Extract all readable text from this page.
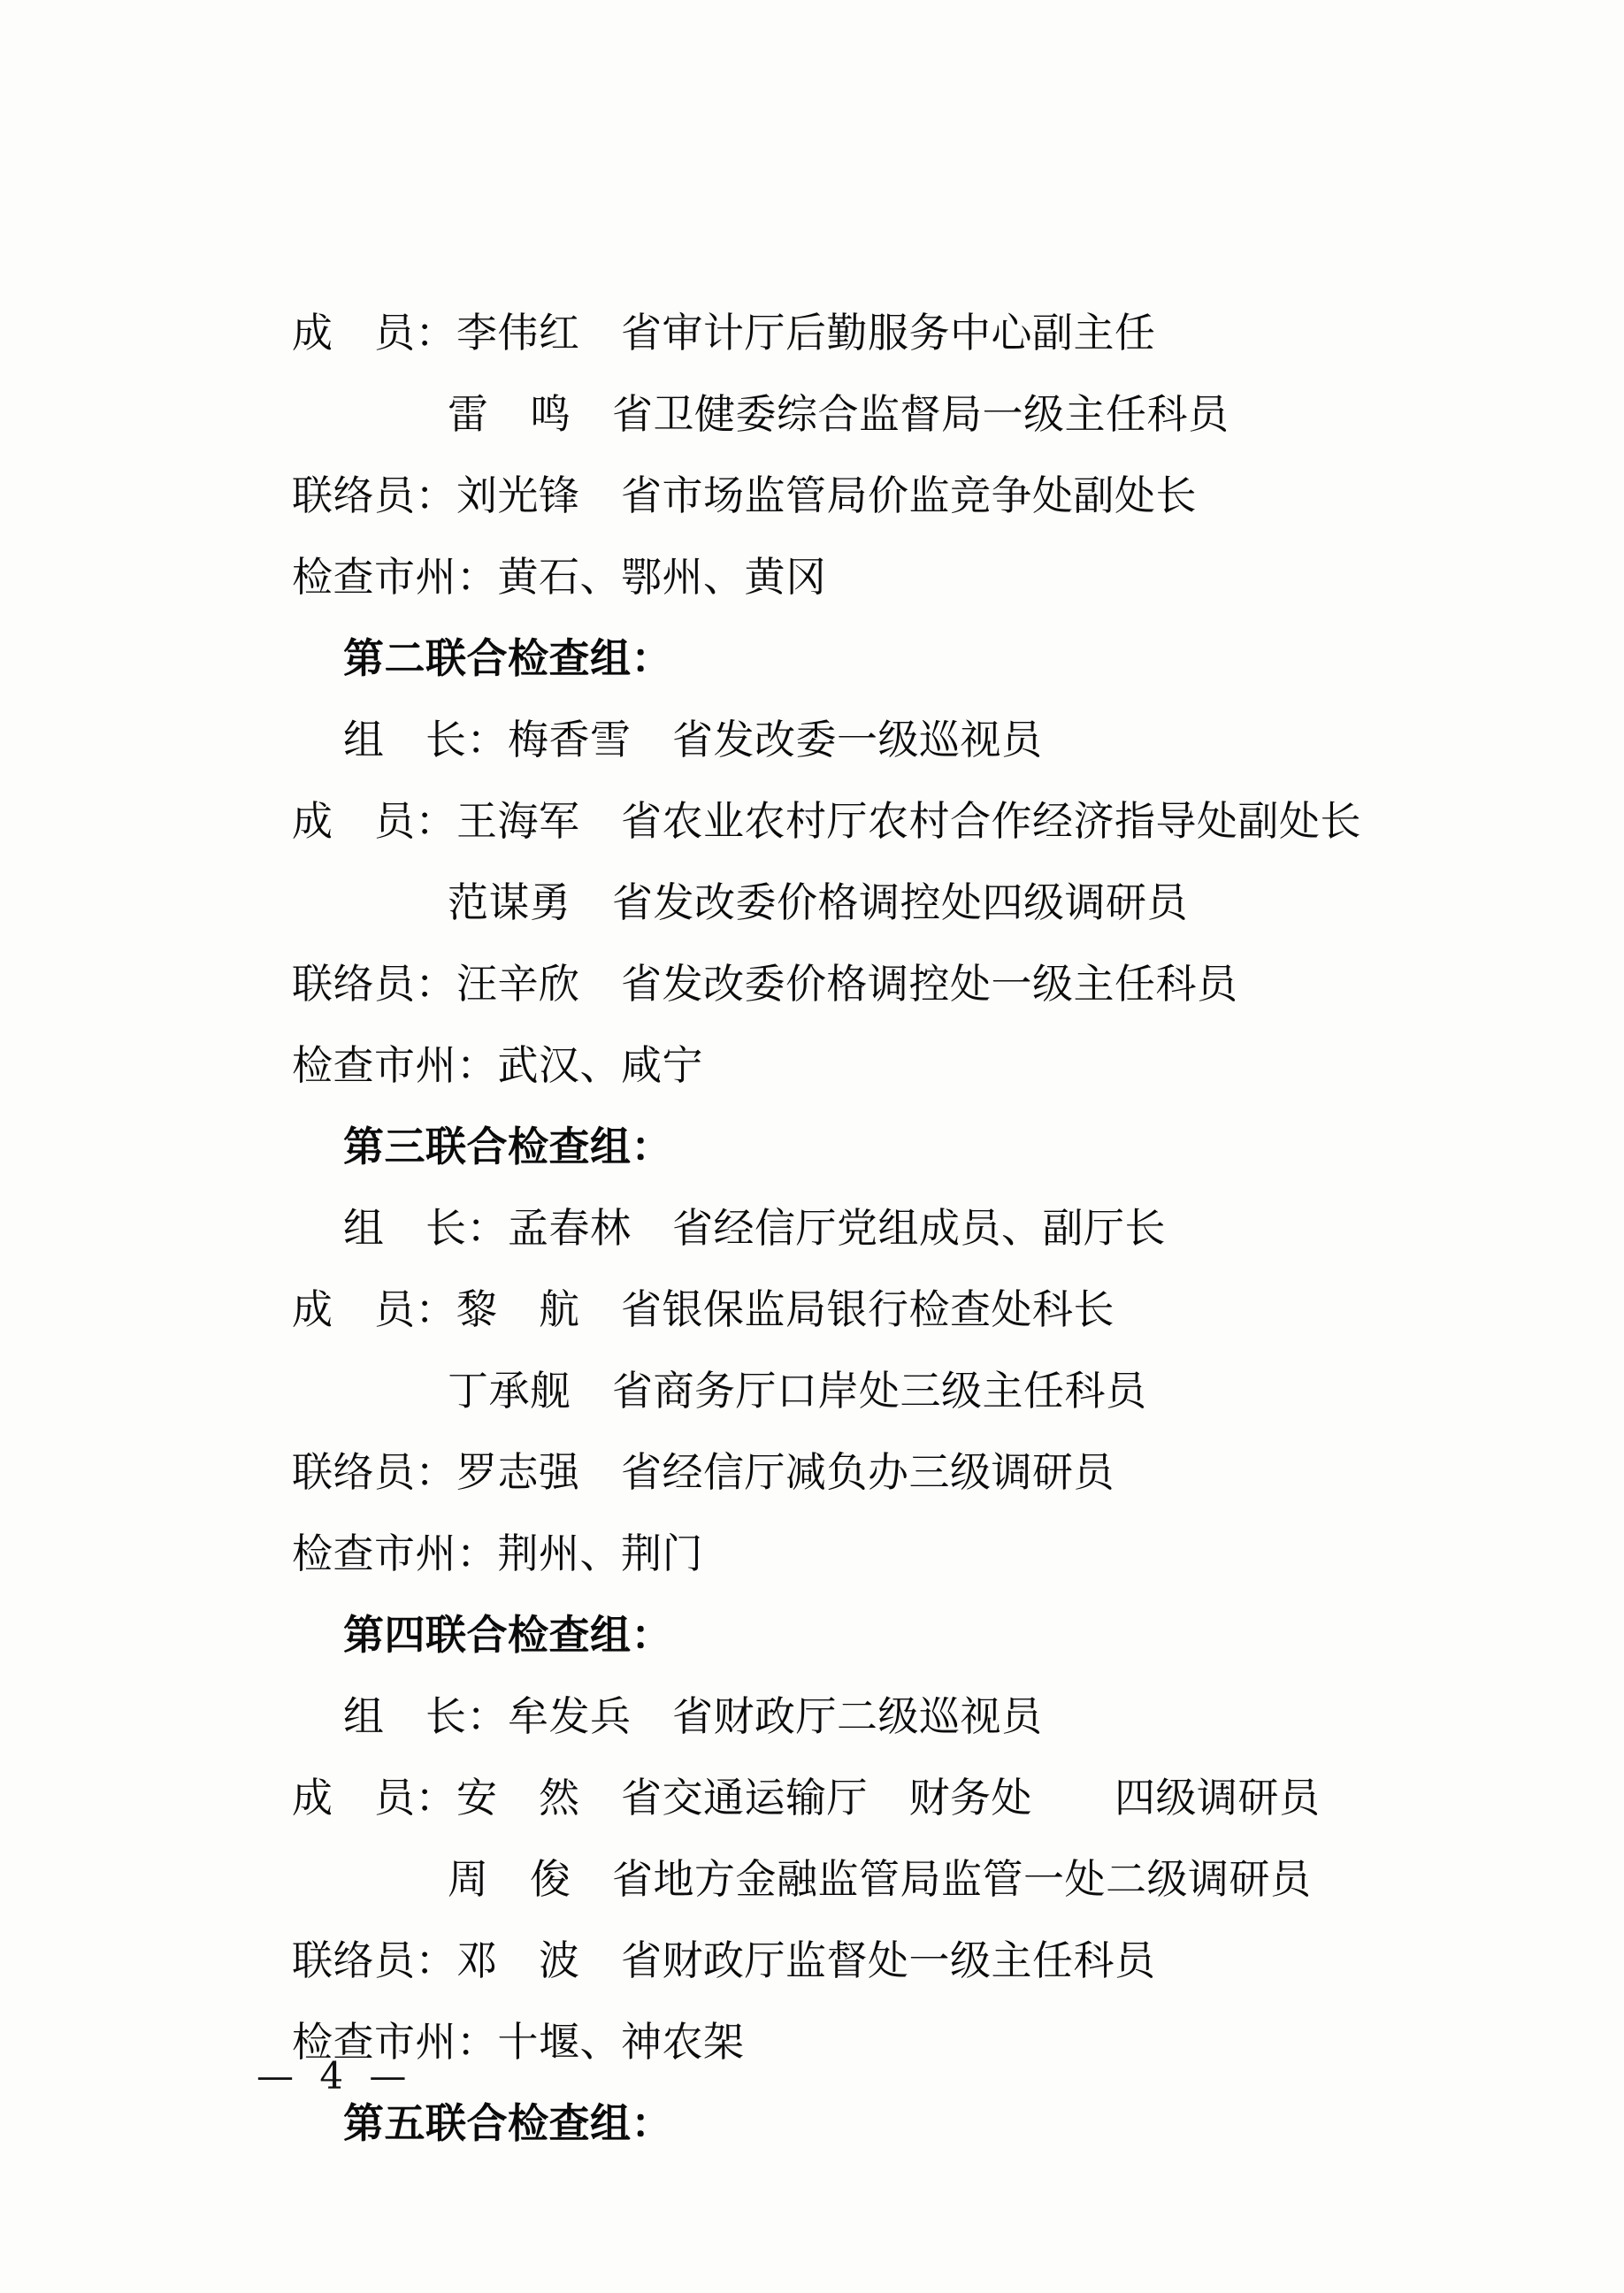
成　员：李伟红　省审计厅后勤服务中心副主任
雷　鸣　省卫健委综合监督局一级主任科员
联络员：刘光锋　省市场监管局价监竞争处副处长
检查市州：黄石、鄂州、黄冈
第二联合检查组：
组　长：梅香雪　省发改委一级巡视员
成　员：王海军　省农业农村厅农村合作经济指导处副处长
范谋勇　省发改委价格调控处四级调研员
联络员：汪辛欣　省发改委价格调控处一级主任科员
检查市州：武汉、咸宁
第三联合检查组：
组　长：孟春林　省经信厅党组成员、副厅长
成　员：黎　航　省银保监局银行检查处科长
丁承舰　省商务厅口岸处三级主任科员
联络员：罗志强　省经信厅减负办三级调研员
检查市州：荆州、荆门
第四联合检查组：
组　长：牟发兵　省财政厅二级巡视员
成　员：安　然　省交通运输厅　财务处　　四级调研员
周　俊　省地方金融监管局监管一处二级调研员
联络员：邓　波　省财政厅监督处一级主任科员
检查市州：十堰、神农架
第五联合检查组：
— 4 —
